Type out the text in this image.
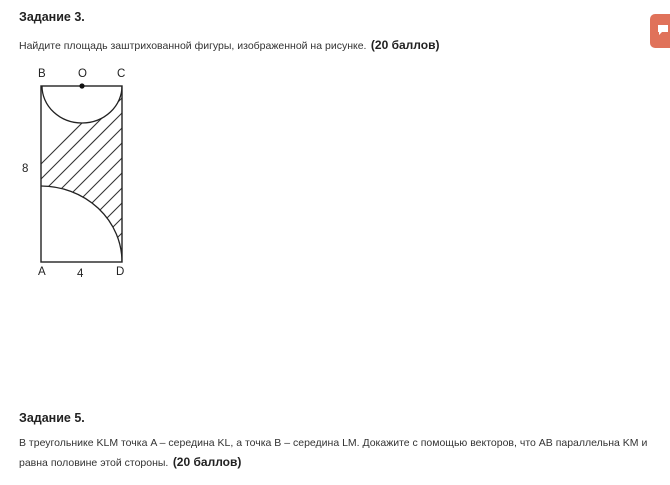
Задание 3.
Найдите площадь заштрихованной фигуры, изображенной на рисунке. (20 баллов)
B	O	C
8
A	4	D
Задание 5.
В треугольнике KLM точка A – середина KL, а точка B – середина LM. Докажите с помощью векторов, что AB параллельна KM и
равна половине этой стороны. (20 баллов)
